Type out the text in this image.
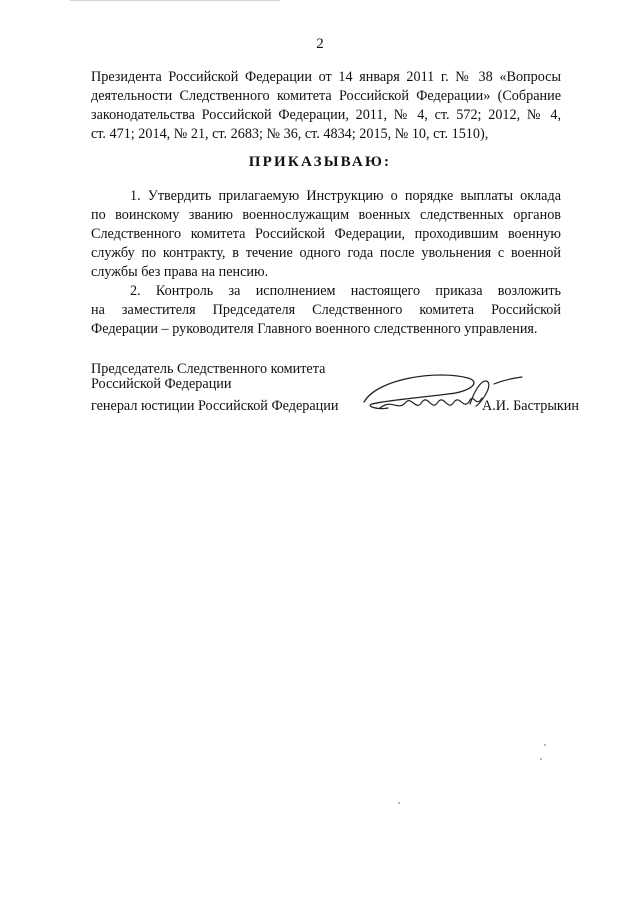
2
Президента Российской Федерации от 14 января 2011 г. № 38 «Вопросы
деятельности Следственного комитета Российской Федерации» (Собрание
законодательства Российской Федерации, 2011, № 4, ст. 572; 2012, № 4,
ст. 471; 2014, № 21, ст. 2683; № 36, ст. 4834; 2015, № 10, ст. 1510),
ПРИКАЗЫВАЮ:
1. Утвердить прилагаемую Инструкцию о порядке выплаты оклада
по воинскому званию военнослужащим военных следственных органов
Следственного комитета Российской Федерации, проходившим военную
службу по контракту, в течение одного года после увольнения с военной
службы без права на пенсию.
2. Контроль за исполнением настоящего приказа возложить
на заместителя Председателя Следственного комитета Российской
Федерации – руководителя Главного военного следственного управления.
Председатель Следственного комитета
Российской Федерации
генерал юстиции Российской Федерации	А.И. Бастрыкин
